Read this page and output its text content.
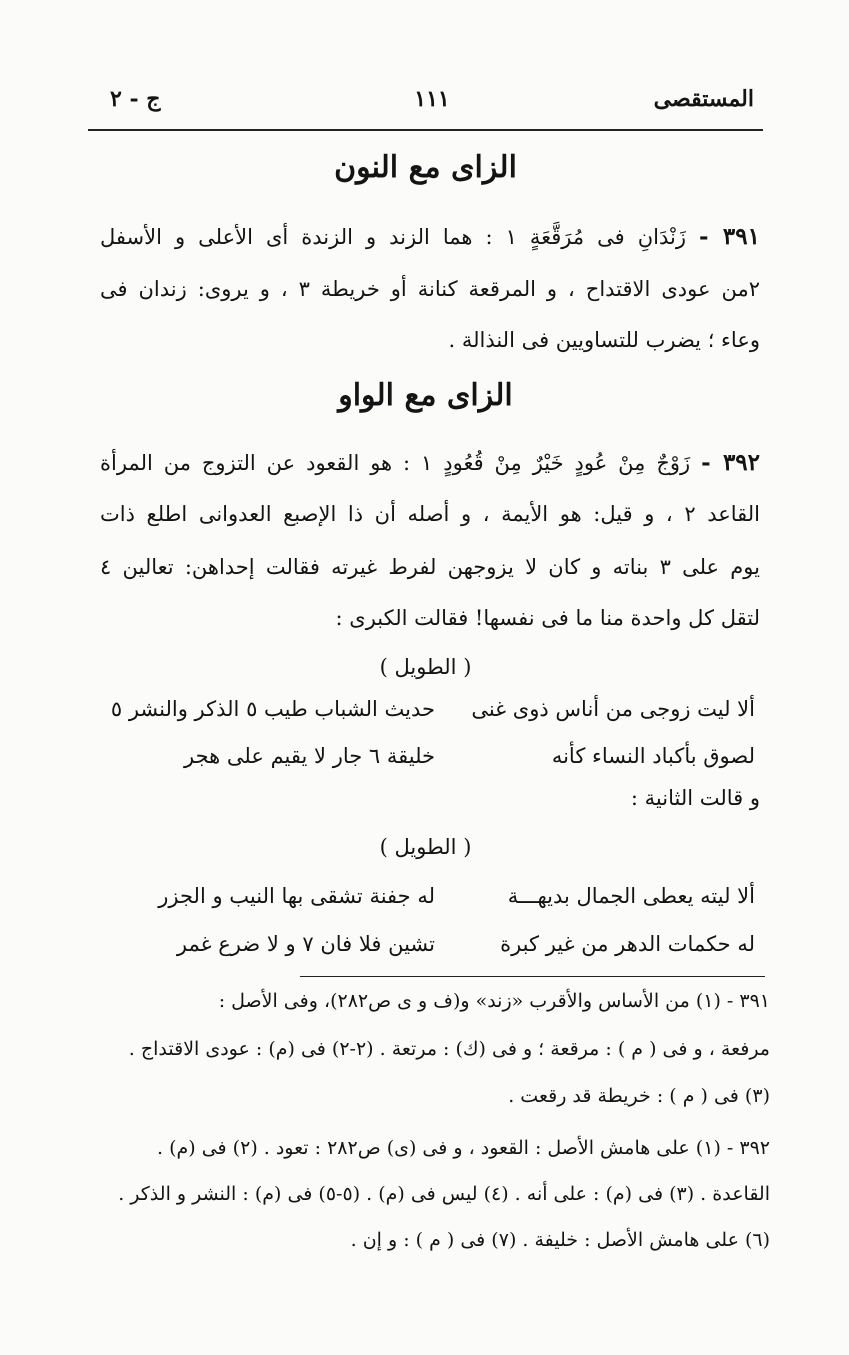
المستقصى
١١١
ج - ٢
الزاى مع النون
٣٩١ - زَنْدَانِ فى مُرَقَّعَةٍ ١ : هما الزند و الزندة أى الأعلى و الأسفل
٢من عودى الاقتداح ، و المرقعة كنانة أو خريطة ٣ ، و يروى: زندان فى
وعاء ؛ يضرب للتساويين فى النذالة .
الزاى مع الواو
٣٩٢ - زَوْجٌ مِنْ عُودٍ خَيْرٌ مِنْ قُعُودٍ ١ : هو القعود عن التزوج من المرأة
القاعد ٢ ، و قيل: هو الأيمة ، و أصله أن ذا الإصبع العدوانى اطلع ذات
يوم على ٣ بناته و كان لا يزوجهن لفرط غيرته فقالت إحداهن: تعالين ٤
لتقل كل واحدة منا ما فى نفسها! فقالت الكبرى :
( الطويل )
ألا ليت زوجى من أناس ذوى غنى
حديث الشباب طيب ٥ الذكر والنشر ٥
لصوق بأكباد النساء كأنه
خليقة ٦ جار لا يقيم على هجر
و قالت الثانية :
( الطويل )
ألا ليته يعطى الجمال بديهـــة
له جفنة تشقى بها النيب و الجزر
له حكمات الدهر من غير كبرة
تشين فلا فان ٧ و لا ضرع غمر
٣٩١ - (١) من الأساس والأقرب «زند» و(ف و ى ص٢٨٢)، وفى الأصل :
مرفعة ، و فى ( م ) : مرقعة ؛ و فى (ك) : مرتعة . (٢-٢) فى (م) : عودى الاقتداج .
(٣) فى ( م ) : خريطة قد رقعت .
٣٩٢ - (١) على هامش الأصل : القعود ، و فى (ى) ص٢٨٢ : تعود . (٢) فى (م) .
القاعدة . (٣) فى (م) : على أنه . (٤) ليس فى (م) . (٥-٥) فى (م) : النشر و الذكر .
(٦) على هامش الأصل : خليفة . (٧) فى ( م ) : و إن .
